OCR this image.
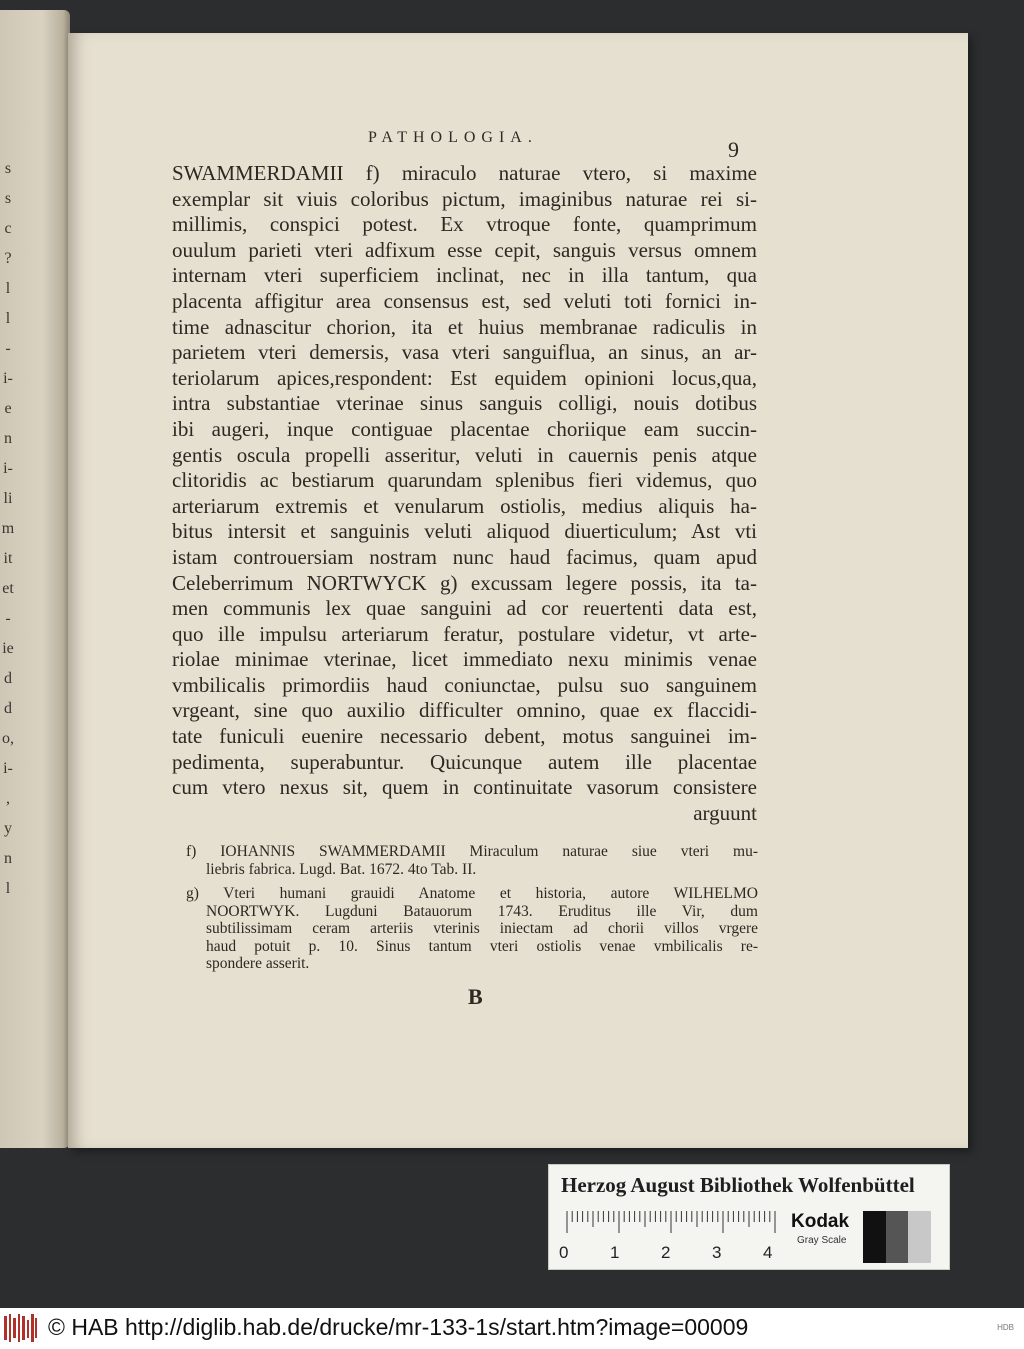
s
s
c
?
l
l
-
i-
e
n
i-
li
m
it
et
-
ie
d
d
o,
i-
,
y
n
l
PATHOLOGIA.	9
SWAMMERDAMII f) miraculo naturae vtero, si maxime
exemplar sit viuis coloribus pictum, imaginibus naturae rei si-
millimis, conspici potest. Ex vtroque fonte, quamprimum
ouulum parieti vteri adfixum esse cepit, sanguis versus omnem
internam vteri superficiem inclinat, nec in illa tantum, qua
placenta affigitur area consensus est, sed veluti toti fornici in-
time adnascitur chorion, ita et huius membranae radiculis in
parietem vteri demersis, vasa vteri sanguiflua, an sinus, an ar-
teriolarum apices,respondent: Est equidem opinioni locus,qua,
intra substantiae vterinae sinus sanguis colligi, nouis dotibus
ibi augeri, inque contiguae placentae choriique eam succin-
gentis oscula propelli asseritur, veluti in cauernis penis atque
clitoridis ac bestiarum quarundam splenibus fieri videmus, quo
arteriarum extremis et venularum ostiolis, medius aliquis ha-
bitus intersit et sanguinis veluti aliquod diuerticulum; Ast vti
istam controuersiam nostram nunc haud facimus, quam apud
Celeberrimum NORTWYCK g) excussam legere possis, ita ta-
men communis lex quae sanguini ad cor reuertenti data est,
quo ille impulsu arteriarum feratur, postulare videtur, vt arte-
riolae minimae vterinae, licet immediato nexu minimis venae
vmbilicalis primordiis haud coniunctae, pulsu suo sanguinem
vrgeant, sine quo auxilio difficulter omnino, quae ex flaccidi-
tate funiculi euenire necessario debent, motus sanguinei im-
pedimenta, superabuntur. Quicunque autem ille placentae
cum vtero nexus sit, quem in continuitate vasorum consistere
arguunt
f) IOHANNIS SWAMMERDAMII Miraculum naturae siue vteri mu-
liebris fabrica. Lugd. Bat. 1672. 4to Tab. II.
g) Vteri humani grauidi Anatome et historia, autore WILHELMO
NOORTWYK. Lugduni Batauorum 1743. Eruditus ille Vir, dum
subtilissimam ceram arteriis vterinis iniectam ad chorii villos vrgere
haud potuit p. 10. Sinus tantum vteri ostiolis venae vmbilicalis re-
spondere asserit.
B
Herzog August Bibliothek Wolfenbüttel
0 1 2 3 4
Kodak
Gray Scale
© HAB http://diglib.hab.de/drucke/mr-133-1s/start.htm?image=00009	HDB
